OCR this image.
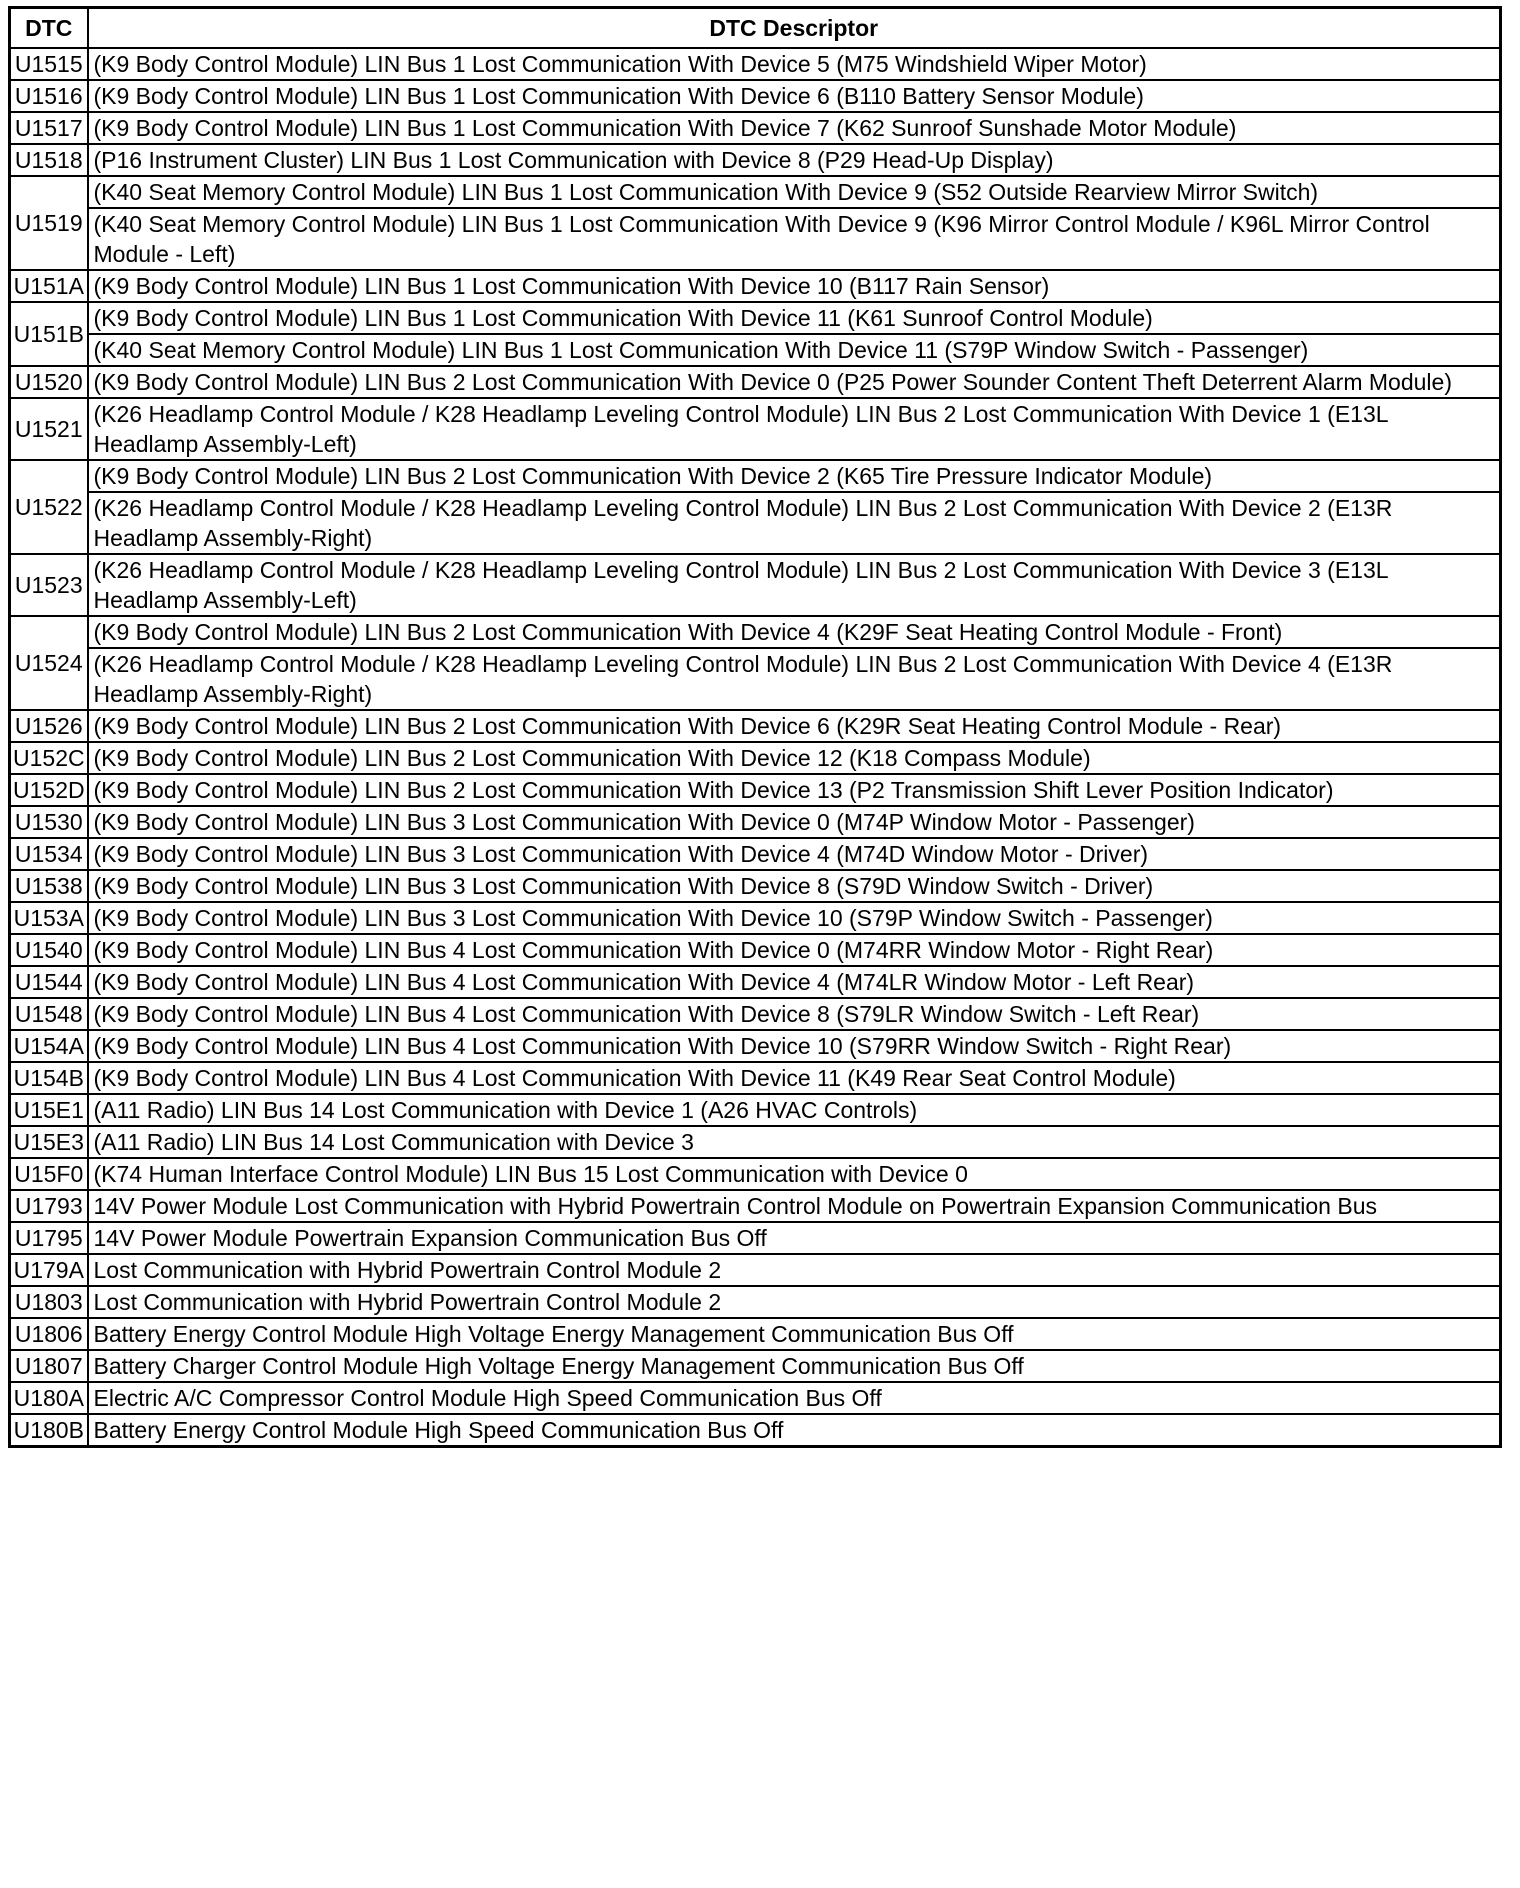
DTC	DTC Descriptor
U1515	(K9 Body Control Module) LIN Bus 1 Lost Communication With Device 5 (M75 Windshield Wiper Motor)
U1516	(K9 Body Control Module) LIN Bus 1 Lost Communication With Device 6 (B110 Battery Sensor Module)
U1517	(K9 Body Control Module) LIN Bus 1 Lost Communication With Device 7 (K62 Sunroof Sunshade Motor Module)
U1518	(P16 Instrument Cluster) LIN Bus 1 Lost Communication with Device 8 (P29 Head-Up Display)
U1519	(K40 Seat Memory Control Module) LIN Bus 1 Lost Communication With Device 9 (S52 Outside Rearview Mirror Switch)
	(K40 Seat Memory Control Module) LIN Bus 1 Lost Communication With Device 9 (K96 Mirror Control Module / K96L Mirror Control Module - Left)
U151A	(K9 Body Control Module) LIN Bus 1 Lost Communication With Device 10 (B117 Rain Sensor)
U151B	(K9 Body Control Module) LIN Bus 1 Lost Communication With Device 11 (K61 Sunroof Control Module)
	(K40 Seat Memory Control Module) LIN Bus 1 Lost Communication With Device 11 (S79P Window Switch - Passenger)
U1520	(K9 Body Control Module) LIN Bus 2 Lost Communication With Device 0 (P25 Power Sounder Content Theft Deterrent Alarm Module)
U1521	(K26 Headlamp Control Module / K28 Headlamp Leveling Control Module) LIN Bus 2 Lost Communication With Device 1 (E13L Headlamp Assembly-Left)
U1522	(K9 Body Control Module) LIN Bus 2 Lost Communication With Device 2 (K65 Tire Pressure Indicator Module)
	(K26 Headlamp Control Module / K28 Headlamp Leveling Control Module) LIN Bus 2 Lost Communication With Device 2 (E13R Headlamp Assembly-Right)
U1523	(K26 Headlamp Control Module / K28 Headlamp Leveling Control Module) LIN Bus 2 Lost Communication With Device 3 (E13L Headlamp Assembly-Left)
U1524	(K9 Body Control Module) LIN Bus 2 Lost Communication With Device 4 (K29F Seat Heating Control Module - Front)
	(K26 Headlamp Control Module / K28 Headlamp Leveling Control Module) LIN Bus 2 Lost Communication With Device 4 (E13R Headlamp Assembly-Right)
U1526	(K9 Body Control Module) LIN Bus 2 Lost Communication With Device 6 (K29R Seat Heating Control Module - Rear)
U152C	(K9 Body Control Module) LIN Bus 2 Lost Communication With Device 12 (K18 Compass Module)
U152D	(K9 Body Control Module) LIN Bus 2 Lost Communication With Device 13 (P2 Transmission Shift Lever Position Indicator)
U1530	(K9 Body Control Module) LIN Bus 3 Lost Communication With Device 0 (M74P Window Motor - Passenger)
U1534	(K9 Body Control Module) LIN Bus 3 Lost Communication With Device 4 (M74D Window Motor - Driver)
U1538	(K9 Body Control Module) LIN Bus 3 Lost Communication With Device 8 (S79D Window Switch - Driver)
U153A	(K9 Body Control Module) LIN Bus 3 Lost Communication With Device 10 (S79P Window Switch - Passenger)
U1540	(K9 Body Control Module) LIN Bus 4 Lost Communication With Device 0 (M74RR Window Motor - Right Rear)
U1544	(K9 Body Control Module) LIN Bus 4 Lost Communication With Device 4 (M74LR Window Motor - Left Rear)
U1548	(K9 Body Control Module) LIN Bus 4 Lost Communication With Device 8 (S79LR Window Switch - Left Rear)
U154A	(K9 Body Control Module) LIN Bus 4 Lost Communication With Device 10 (S79RR Window Switch - Right Rear)
U154B	(K9 Body Control Module) LIN Bus 4 Lost Communication With Device 11 (K49 Rear Seat Control Module)
U15E1	(A11 Radio) LIN Bus 14 Lost Communication with Device 1 (A26 HVAC Controls)
U15E3	(A11 Radio) LIN Bus 14 Lost Communication with Device 3
U15F0	(K74 Human Interface Control Module) LIN Bus 15 Lost Communication with Device 0
U1793	14V Power Module Lost Communication with Hybrid Powertrain Control Module on Powertrain Expansion Communication Bus
U1795	14V Power Module Powertrain Expansion Communication Bus Off
U179A	Lost Communication with Hybrid Powertrain Control Module 2
U1803	Lost Communication with Hybrid Powertrain Control Module 2
U1806	Battery Energy Control Module High Voltage Energy Management Communication Bus Off
U1807	Battery Charger Control Module High Voltage Energy Management Communication Bus Off
U180A	Electric A/C Compressor Control Module High Speed Communication Bus Off
U180B	Battery Energy Control Module High Speed Communication Bus Off
